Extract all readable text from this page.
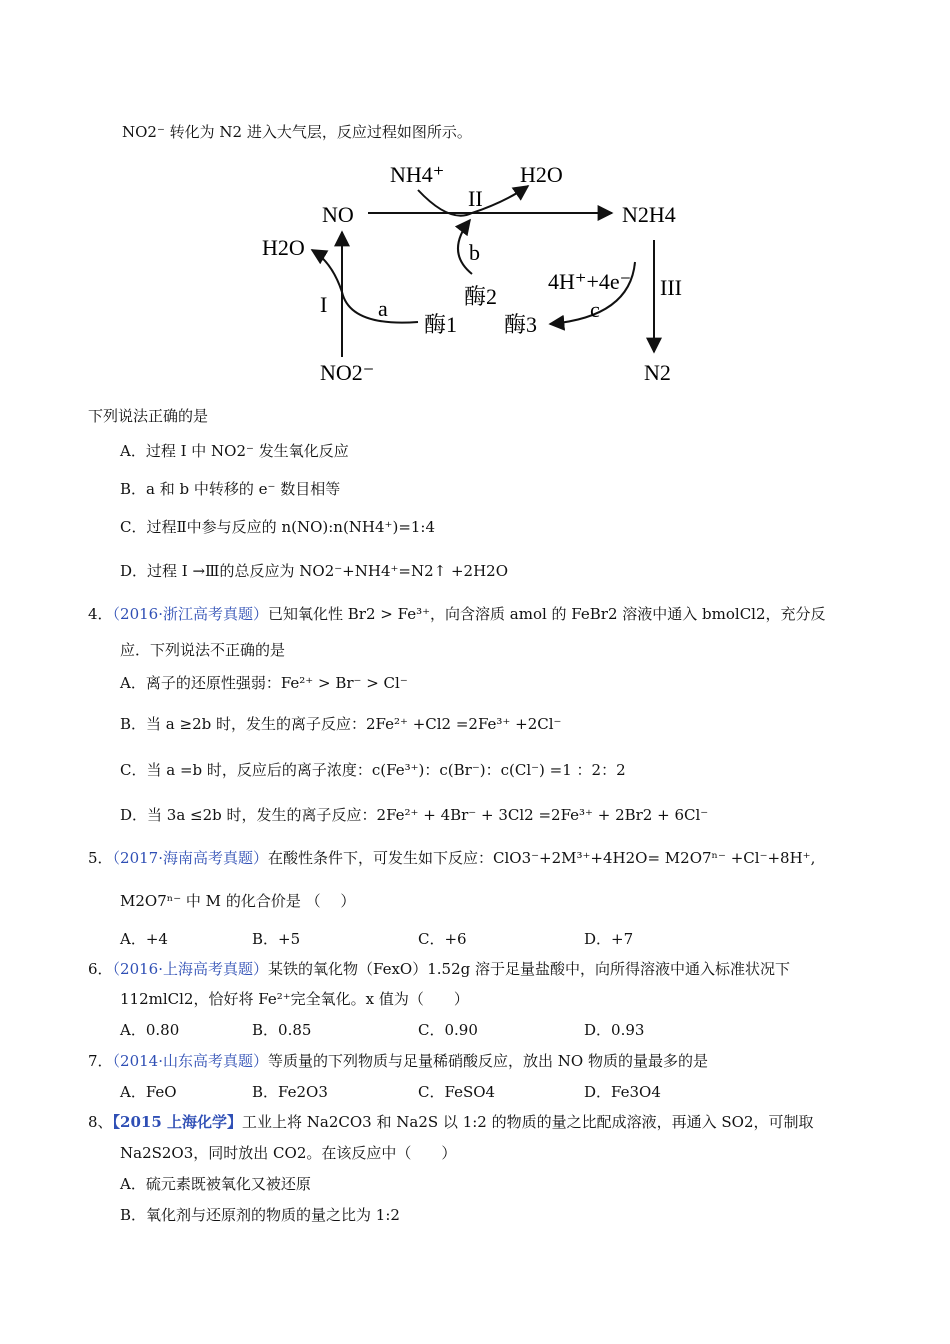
NO2⁻ 转化为 N2 进入大气层，反应过程如图所示。
NO
NH4⁺	H2O
II
N2H4
H2O	b
酶2
4H⁺+4e⁻ III
I a
酶1 酶3
c
NO2⁻	N2
下列说法正确的是
A．过程 I 中 NO2⁻ 发生氧化反应
B．a 和 b 中转移的 e⁻ 数目相等
C．过程Ⅱ中参与反应的 n(NO):n(NH4⁺)=1:4
D．过程 I →Ⅲ的总反应为 NO2⁻+NH4⁺=N2↑ +2H2O
4．（2016·浙江高考真题）已知氧化性 Br2 > Fe³⁺，向含溶质 amol 的 FeBr2 溶液中通入 bmolCl2，充分反
应．下列说法不正确的是
A．离子的还原性强弱：Fe²⁺ > Br⁻ > Cl⁻
B．当 a ≥2b 时，发生的离子反应：2Fe²⁺ +Cl2 =2Fe³⁺ +2Cl⁻
C．当 a =b 时，反应后的离子浓度：c(Fe³⁺)：c(Br⁻)：c(Cl⁻) =1 ：2：2
D．当 3a ≤2b 时，发生的离子反应：2Fe²⁺ + 4Br⁻ + 3Cl2 =2Fe³⁺ + 2Br2 + 6Cl⁻
5．（2017·海南高考真题）在酸性条件下，可发生如下反应：ClO3⁻+2M³⁺+4H2O= M2O7ⁿ⁻ +Cl⁻+8H⁺,
M2O7ⁿ⁻ 中 M 的化合价是 （　 ）
A．+4	B．+5	C．+6	D．+7
6．（2016·上海高考真题）某铁的氧化物（FexO）1.52g 溶于足量盐酸中，向所得溶液中通入标准状况下
112mlCl2，恰好将 Fe²⁺完全氧化。x 值为（　　）
A．0.80	B．0.85	C．0.90	D．0.93
7．（2014·山东高考真题）等质量的下列物质与足量稀硝酸反应，放出 NO 物质的量最多的是
A．FeO	B．Fe2O3	C．FeSO4	D．Fe3O4
8、【2015 上海化学】工业上将 Na2CO3 和 Na2S 以 1:2 的物质的量之比配成溶液，再通入 SO2，可制取
Na2S2O3，同时放出 CO2。在该反应中（　　）
A．硫元素既被氧化又被还原
B．氧化剂与还原剂的物质的量之比为 1:2
